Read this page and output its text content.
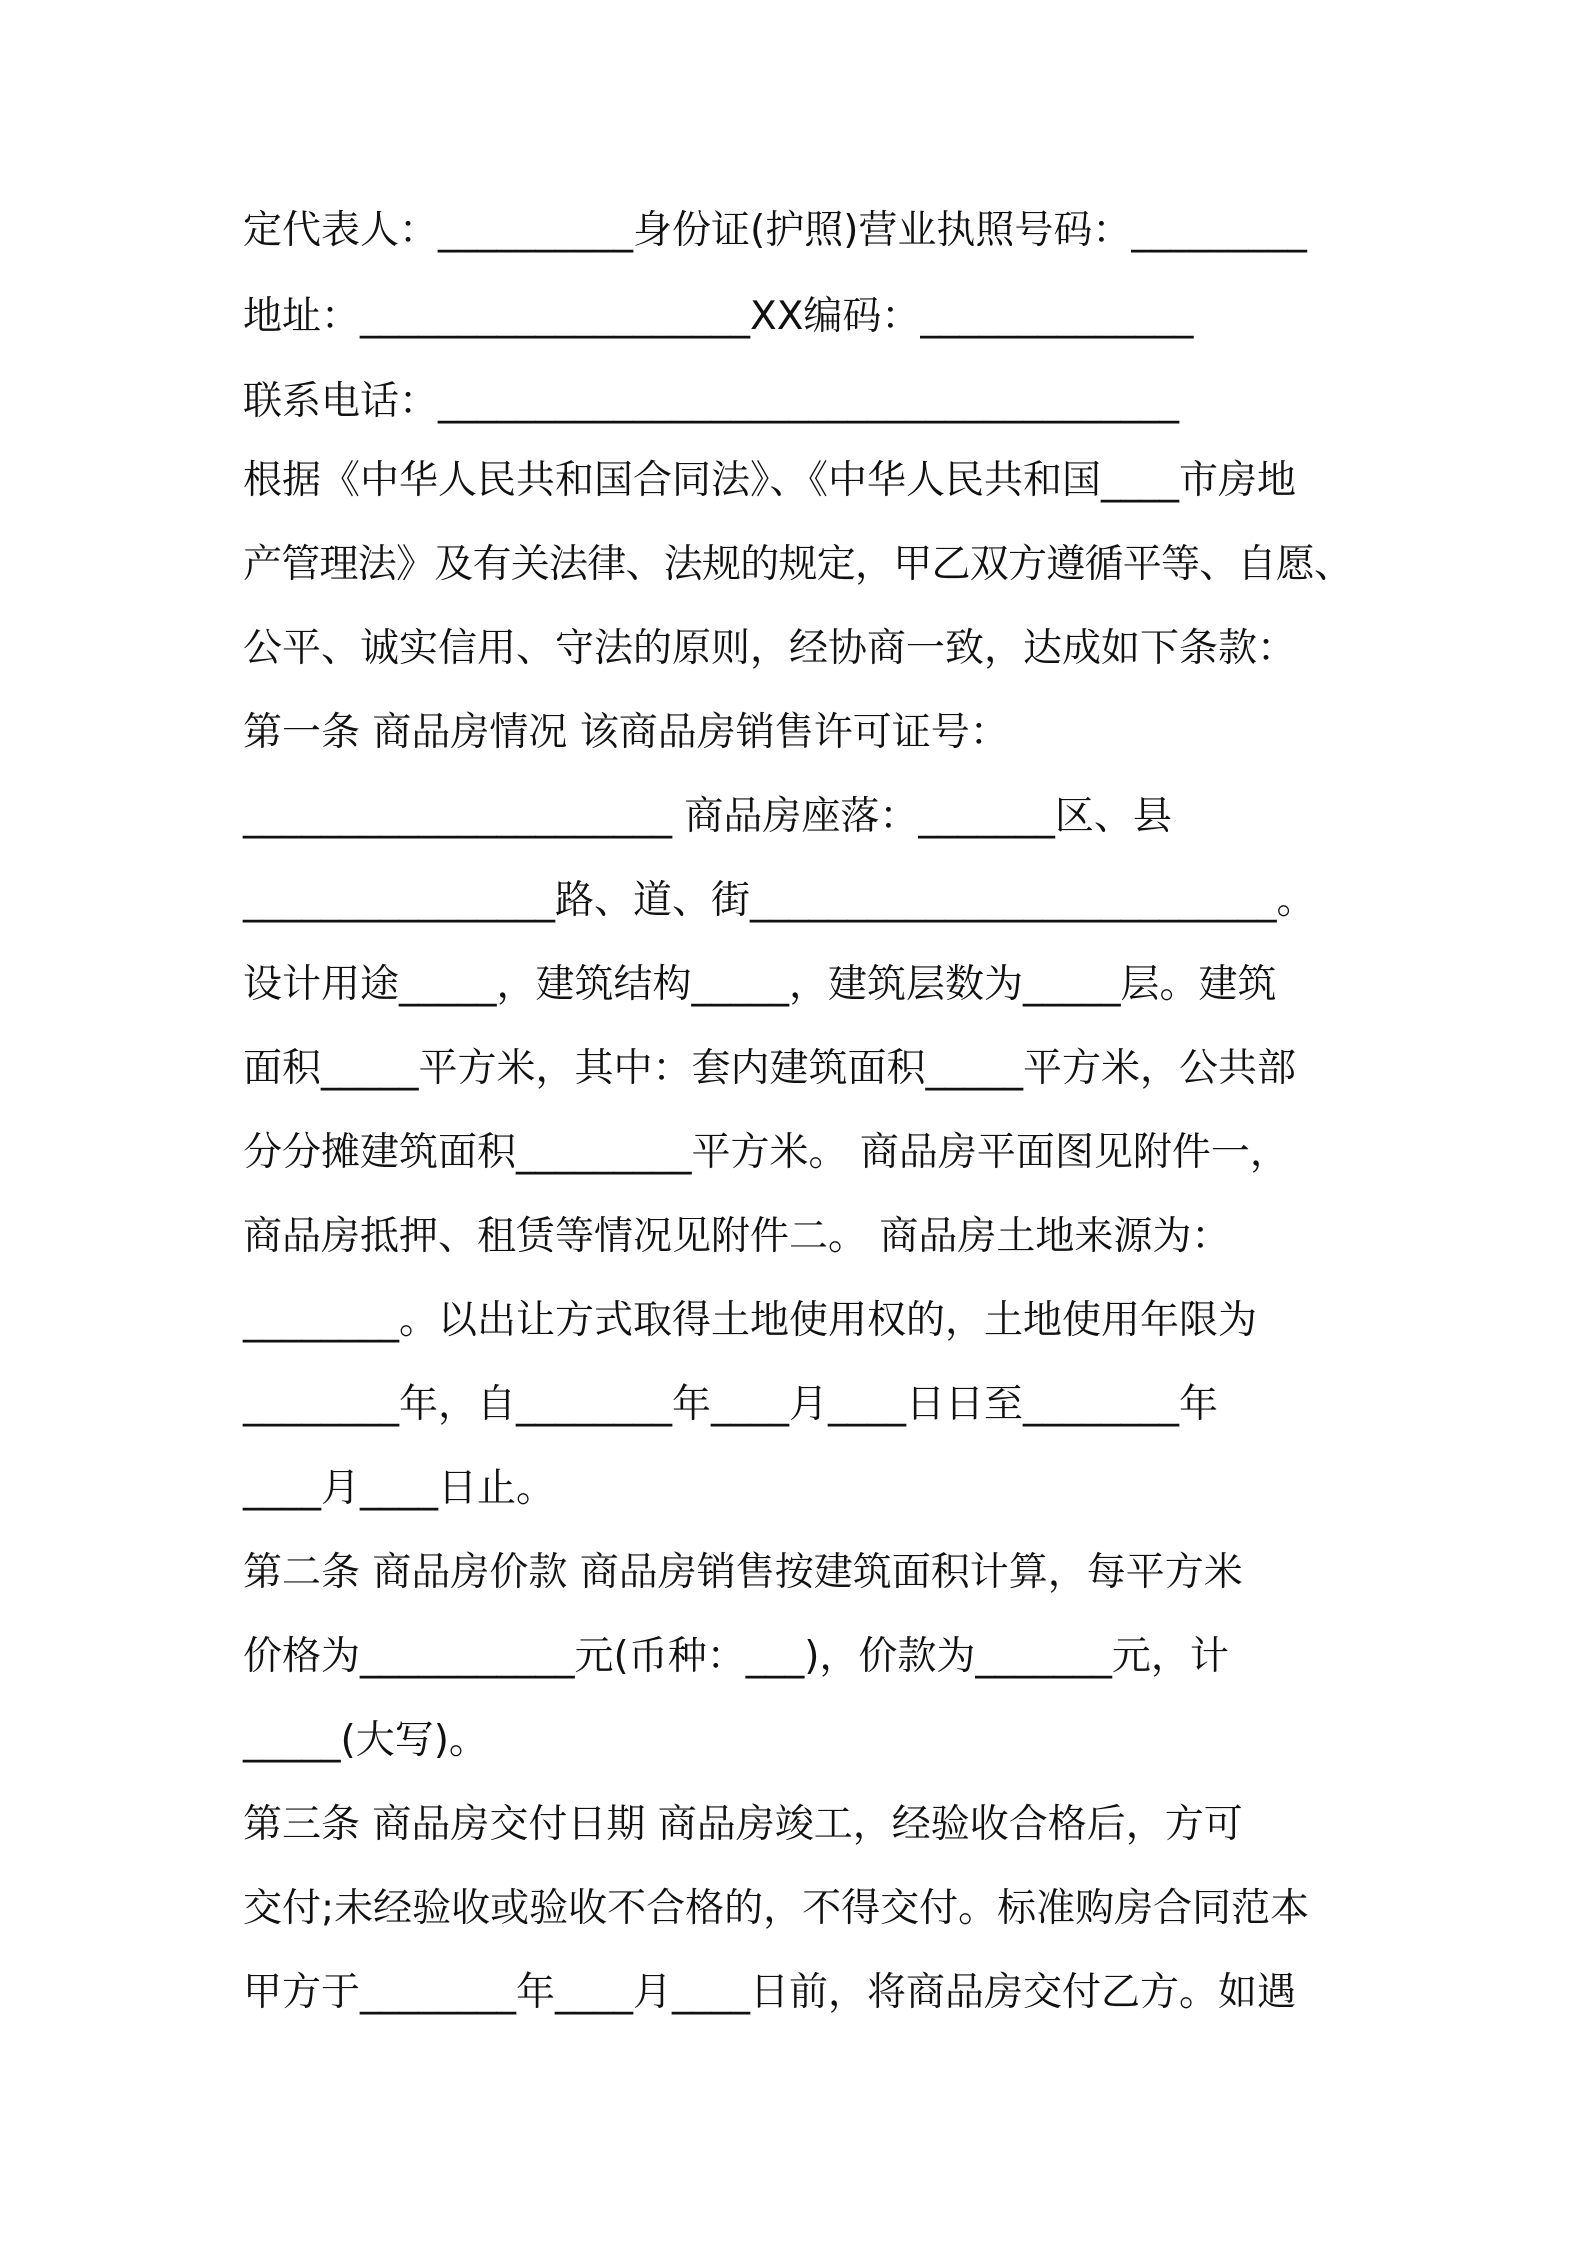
定代表人：__________身份证(护照)营业执照号码：_________
地址：____________________XX编码：______________
联系电话：______________________________________
根据《中华人民共和国合同法》、《中华人民共和国____市房地
产管理法》及有关法律、法规的规定，甲乙双方遵循平等、自愿、
公平、诚实信用、守法的原则，经协商一致，达成如下条款：
第一条 商品房情况 该商品房销售许可证号：
______________________ 商品房座落：_______区、县
________________路、道、街___________________________。
设计用途_____，建筑结构_____，建筑层数为_____层。建筑
面积_____平方米，其中：套内建筑面积_____平方米，公共部
分分摊建筑面积_________平方米。 商品房平面图见附件一，
商品房抵押、租赁等情况见附件二。 商品房土地来源为：
________。以出让方式取得土地使用权的，土地使用年限为
________年，自________年____月____日日至________年
____月____日止。
第二条 商品房价款 商品房销售按建筑面积计算，每平方米
价格为___________元(币种：___)，价款为_______元，计
_____(大写)。
第三条 商品房交付日期 商品房竣工，经验收合格后，方可
交付;未经验收或验收不合格的，不得交付。标准购房合同范本
甲方于________年____月____日前，将商品房交付乙方。如遇
